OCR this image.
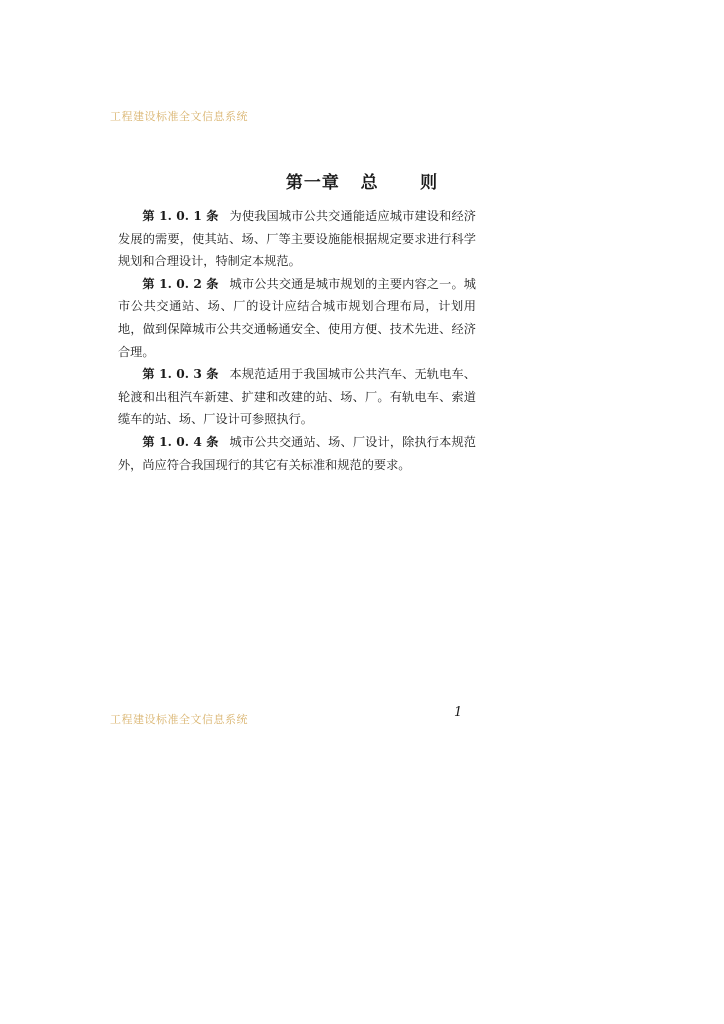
工程建设标准全文信息系统
第一章 总 则

第 1. 0. 1 条 为使我国城市公共交通能适应城市建设和经济发展的需要，使其站、场、厂等主要设施能根据规定要求进行科学规划和合理设计，特制定本规范。

第 1. 0. 2 条 城市公共交通是城市规划的主要内容之一。城市公共交通站、场、厂的设计应结合城市规划合理布局，计划用地，做到保障城市公共交通畅通安全、使用方便、技术先进、经济合理。

第 1. 0. 3 条 本规范适用于我国城市公共汽车、无轨电车、轮渡和出租汽车新建、扩建和改建的站、场、厂。有轨电车、索道缆车的站、场、厂设计可参照执行。

第 1. 0. 4 条 城市公共交通站、场、厂设计，除执行本规范外，尚应符合我国现行的其它有关标准和规范的要求。

1
工程建设标准全文信息系统
